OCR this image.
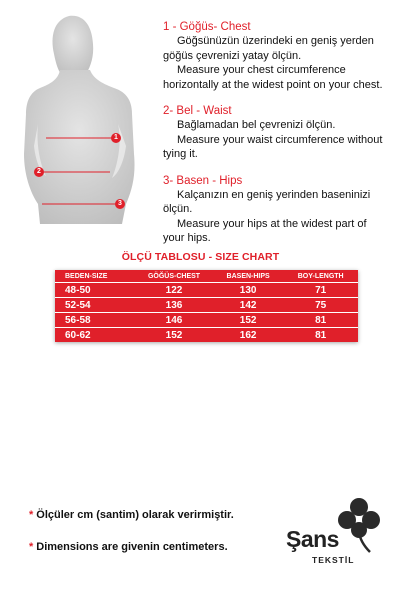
1
2
3
1 - Göğüs- Chest

Göğsünüzün üzerindeki en geniş yerden

göğüs çevrenizi yatay ölçün.

Measure your chest circumference

horizontally at the widest point on your chest.

2- Bel - Waist

Bağlamadan bel çevrenizi ölçün.

Measure your waist circumference without

tying it.

3- Basen - Hips

Kalçanızın en geniş yerinden baseninizi

ölçün.

Measure your hips at the widest part of

your hips.

ÖLÇÜ TABLOSU - SIZE CHART
BEDEN-SIZE	GÖĞÜS-CHEST	BASEN-HIPS	BOY-LENGTH
48-50	122	130	71
52-54	136	142	75
56-58	146	152	81
60-62	152	162	81
* Ölçüler cm (santim) olarak verirmiştir.
* Dimensions are givenin centimeters.	Şans
TEKSTİL
